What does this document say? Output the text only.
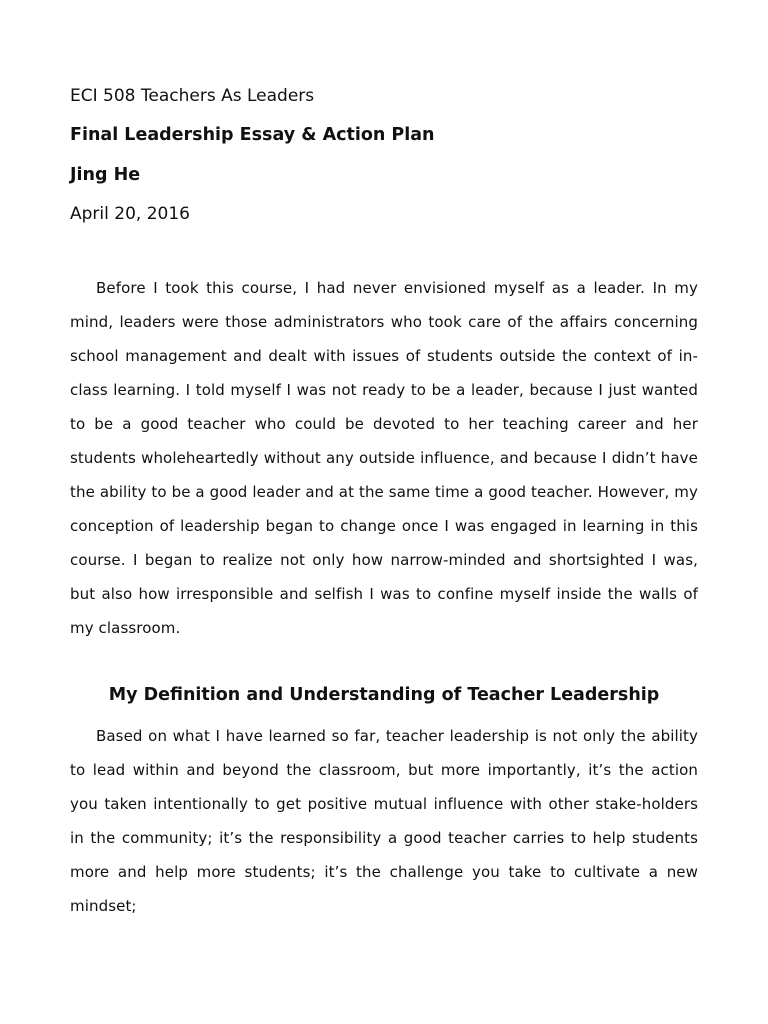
ECI 508 Teachers As Leaders

Final Leadership Essay & Action Plan

Jing He

April 20, 2016

Before I took this course, I had never envisioned myself as a leader. In my mind, leaders were those administrators who took care of the affairs concerning school management and dealt with issues of students outside the context of in-class learning. I told myself I was not ready to be a leader, because I just wanted to be a good teacher who could be devoted to her teaching career and her students wholeheartedly without any outside influence, and because I didn’t have the ability to be a good leader and at the same time a good teacher. However, my conception of leadership began to change once I was engaged in learning in this course. I began to realize not only how narrow-minded and shortsighted I was, but also how irresponsible and selfish I was to confine myself inside the walls of my classroom.

My Definition and Understanding of Teacher Leadership

Based on what I have learned so far, teacher leadership is not only the ability to lead within and beyond the classroom, but more importantly, it’s the action you taken intentionally to get positive mutual influence with other stake-holders in the community; it’s the responsibility a good teacher carries to help students more and help more students; it’s the challenge you take to cultivate a new mindset;
